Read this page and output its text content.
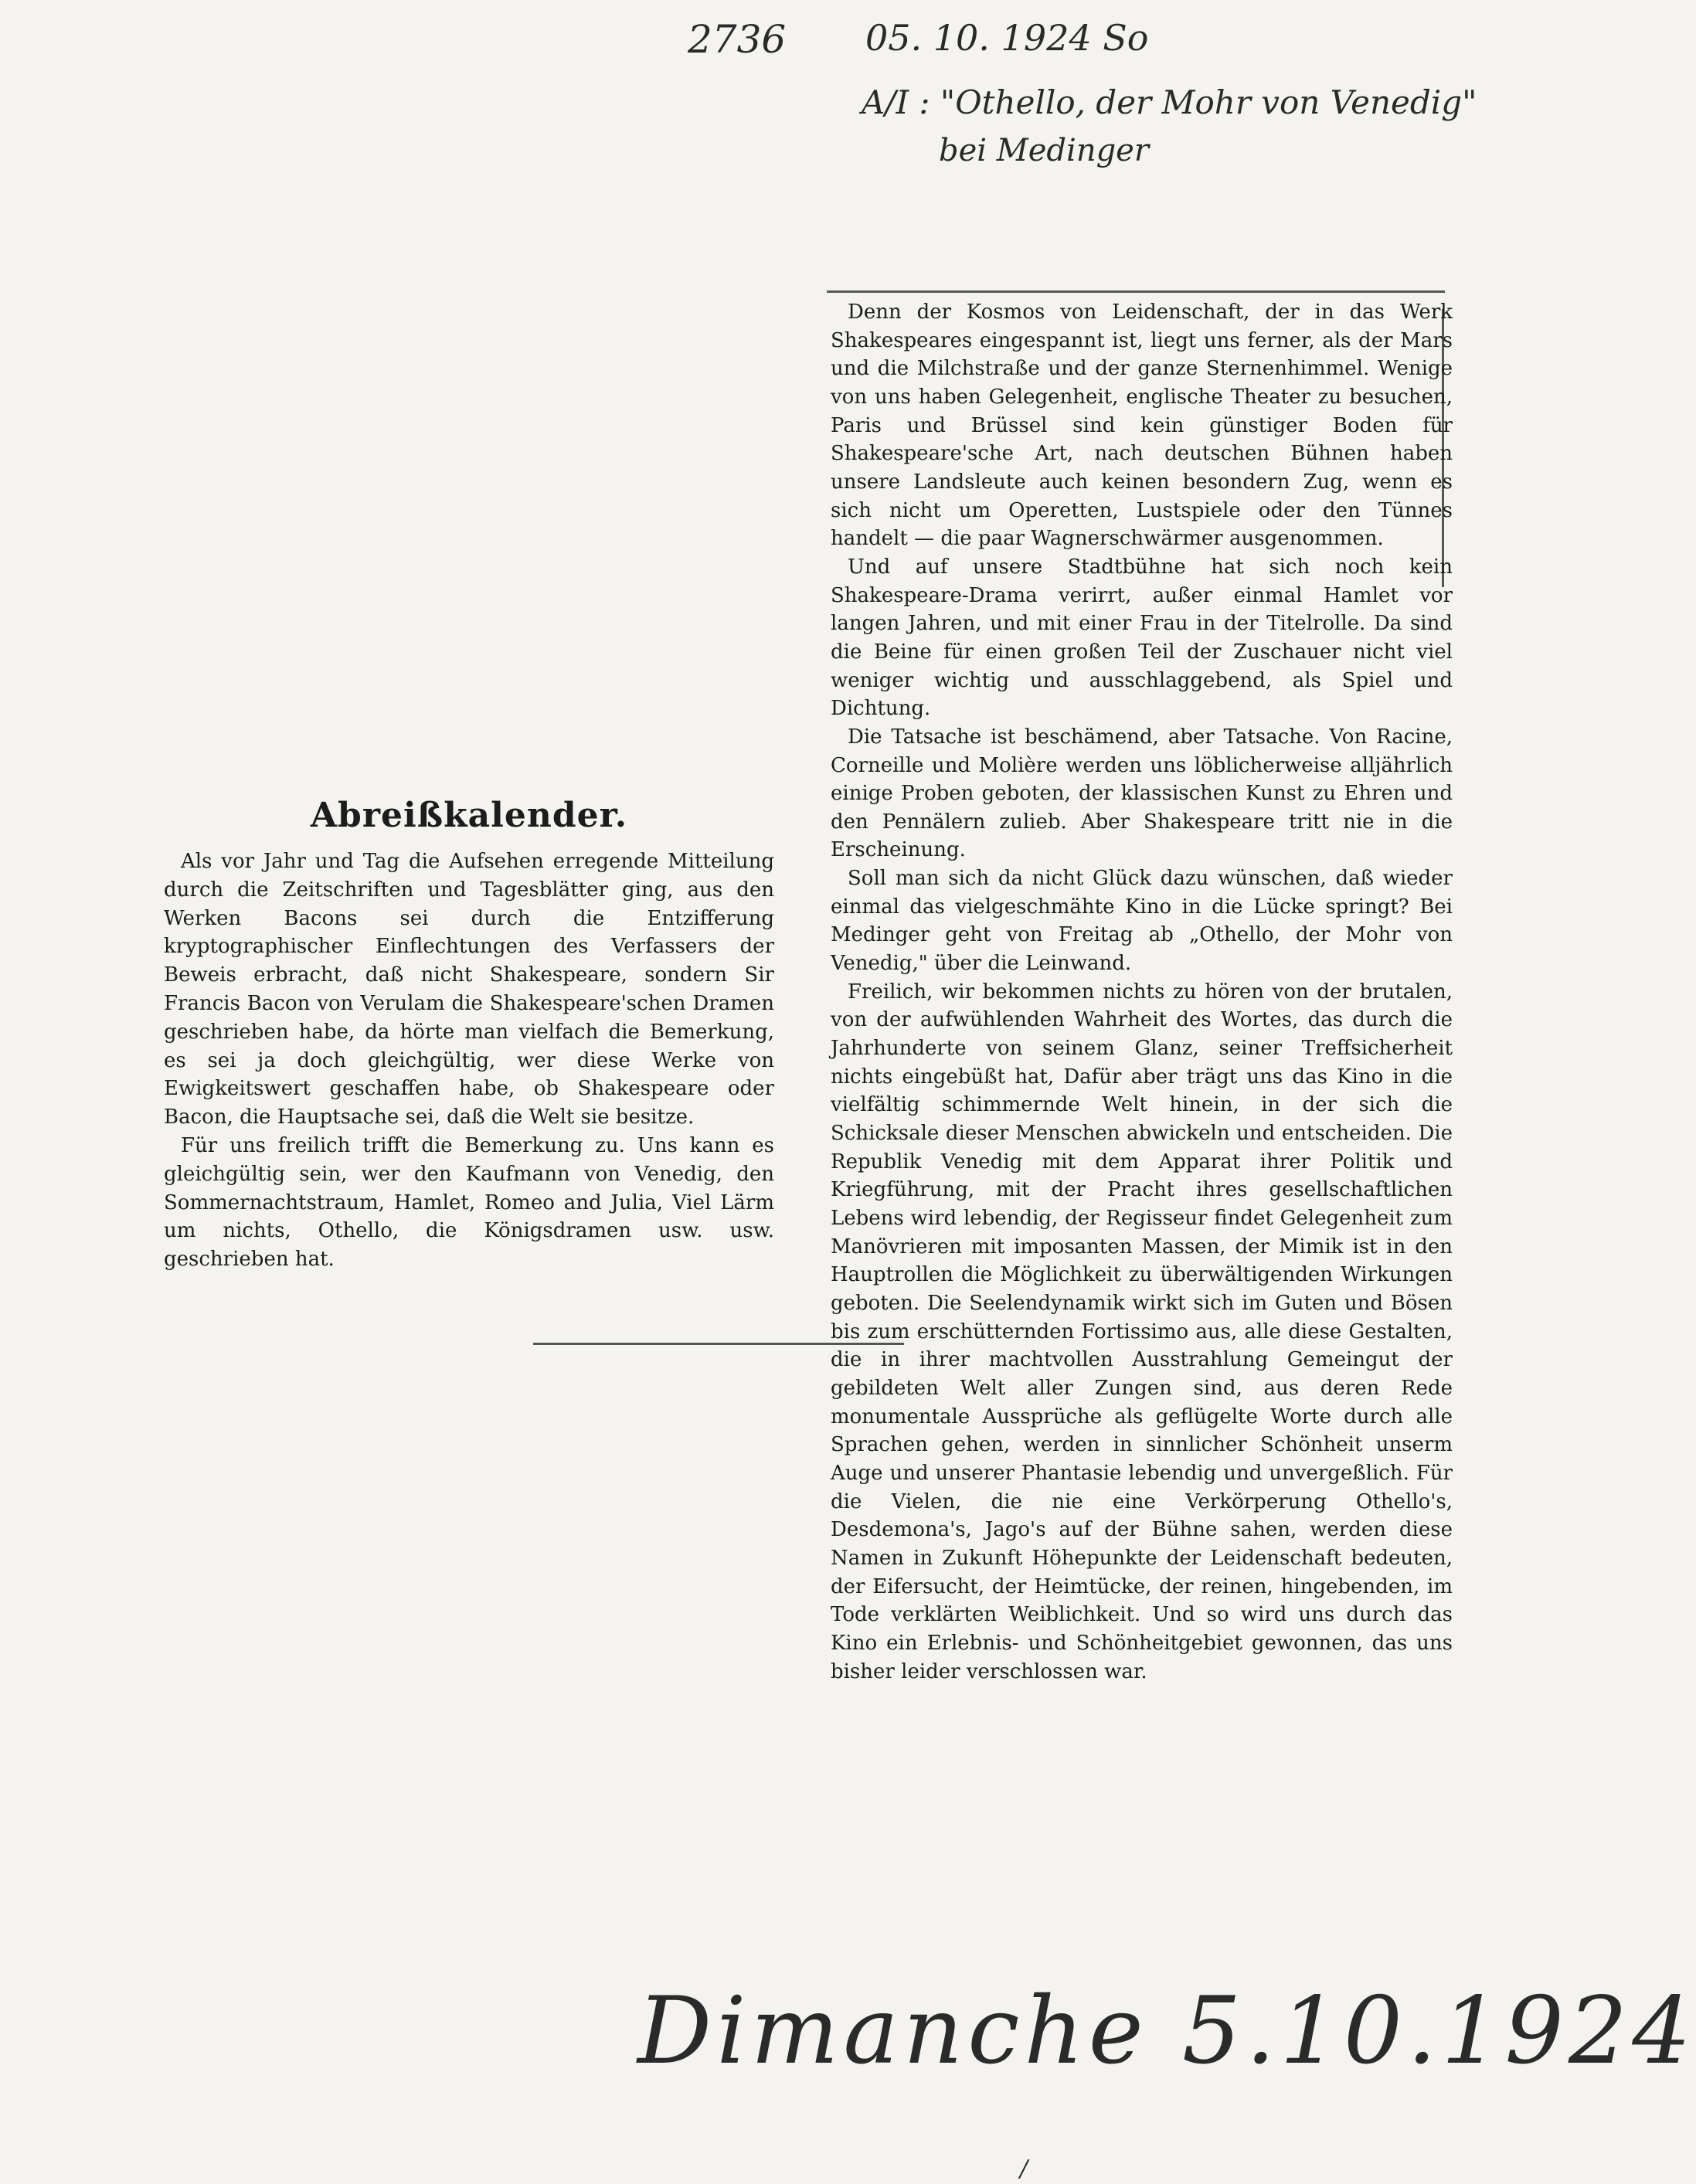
2736 05. 10. 1924 So
A/I : "Othello, der Mohr von Venedig"
bei Medinger
Abreißkalender.

Als vor Jahr und Tag die Aufsehen erregende Mitteilung durch die Zeitschriften und Tagesblätter ging, aus den Werken Bacons sei durch die Entzifferung kryptographischer Einflechtungen des Verfassers der Beweis erbracht, daß nicht Shakespeare, sondern Sir Francis Bacon von Verulam die Shakespeare'schen Dramen geschrieben habe, da hörte man vielfach die Bemerkung, es sei ja doch gleichgültig, wer diese Werke von Ewigkeitswert geschaffen habe, ob Shakespeare oder Bacon, die Hauptsache sei, daß die Welt sie besitze.

Für uns freilich trifft die Bemerkung zu. Uns kann es gleichgültig sein, wer den Kaufmann von Venedig, den Sommernachtstraum, Hamlet, Romeo and Julia, Viel Lärm um nichts, Othello, die Königsdramen usw. usw. geschrieben hat.

Denn der Kosmos von Leidenschaft, der in das Werk Shakespeares eingespannt ist, liegt uns ferner, als der Mars und die Milchstraße und der ganze Sternenhimmel. Wenige von uns haben Gelegenheit, englische Theater zu besuchen, Paris und Brüssel sind kein günstiger Boden für Shakespeare'sche Art, nach deutschen Bühnen haben unsere Landsleute auch keinen besondern Zug, wenn es sich nicht um Operetten, Lustspiele oder den Tünnes handelt — die paar Wagnerschwärmer ausgenommen.

Und auf unsere Stadtbühne hat sich noch kein Shakespeare-Drama verirrt, außer einmal Hamlet vor langen Jahren, und mit einer Frau in der Titelrolle. Da sind die Beine für einen großen Teil der Zuschauer nicht viel weniger wichtig und ausschlaggebend, als Spiel und Dichtung.

Die Tatsache ist beschämend, aber Tatsache. Von Racine, Corneille und Molière werden uns löblicherweise alljährlich einige Proben geboten, der klassischen Kunst zu Ehren und den Pennälern zulieb. Aber Shakespeare tritt nie in die Erscheinung.

Soll man sich da nicht Glück dazu wünschen, daß wieder einmal das vielgeschmähte Kino in die Lücke springt? Bei Medinger geht von Freitag ab „Othello, der Mohr von Venedig," über die Leinwand.

Freilich, wir bekommen nichts zu hören von der brutalen, von der aufwühlenden Wahrheit des Wortes, das durch die Jahrhunderte von seinem Glanz, seiner Treffsicherheit nichts eingebüßt hat, Dafür aber trägt uns das Kino in die vielfältig schimmernde Welt hinein, in der sich die Schicksale dieser Menschen abwickeln und entscheiden. Die Republik Venedig mit dem Apparat ihrer Politik und Kriegführung, mit der Pracht ihres gesellschaftlichen Lebens wird lebendig, der Regisseur findet Gelegenheit zum Manövrieren mit imposanten Massen, der Mimik ist in den Hauptrollen die Möglichkeit zu überwältigenden Wirkungen geboten. Die Seelendynamik wirkt sich im Guten und Bösen bis zum erschütternden Fortissimo aus, alle diese Gestalten, die in ihrer machtvollen Ausstrahlung Gemeingut der gebildeten Welt aller Zungen sind, aus deren Rede monumentale Aussprüche als geflügelte Worte durch alle Sprachen gehen, werden in sinnlicher Schönheit unserm Auge und unserer Phantasie lebendig und unvergeßlich. Für die Vielen, die nie eine Verkörperung Othello's, Desdemona's, Jago's auf der Bühne sahen, werden diese Namen in Zukunft Höhepunkte der Leidenschaft bedeuten, der Eifersucht, der Heimtücke, der reinen, hingebenden, im Tode verklärten Weiblichkeit. Und so wird uns durch das Kino ein Erlebnis- und Schönheitgebiet gewonnen, das uns bisher leider verschlossen war.

Dimanche 5.10.1924
/
